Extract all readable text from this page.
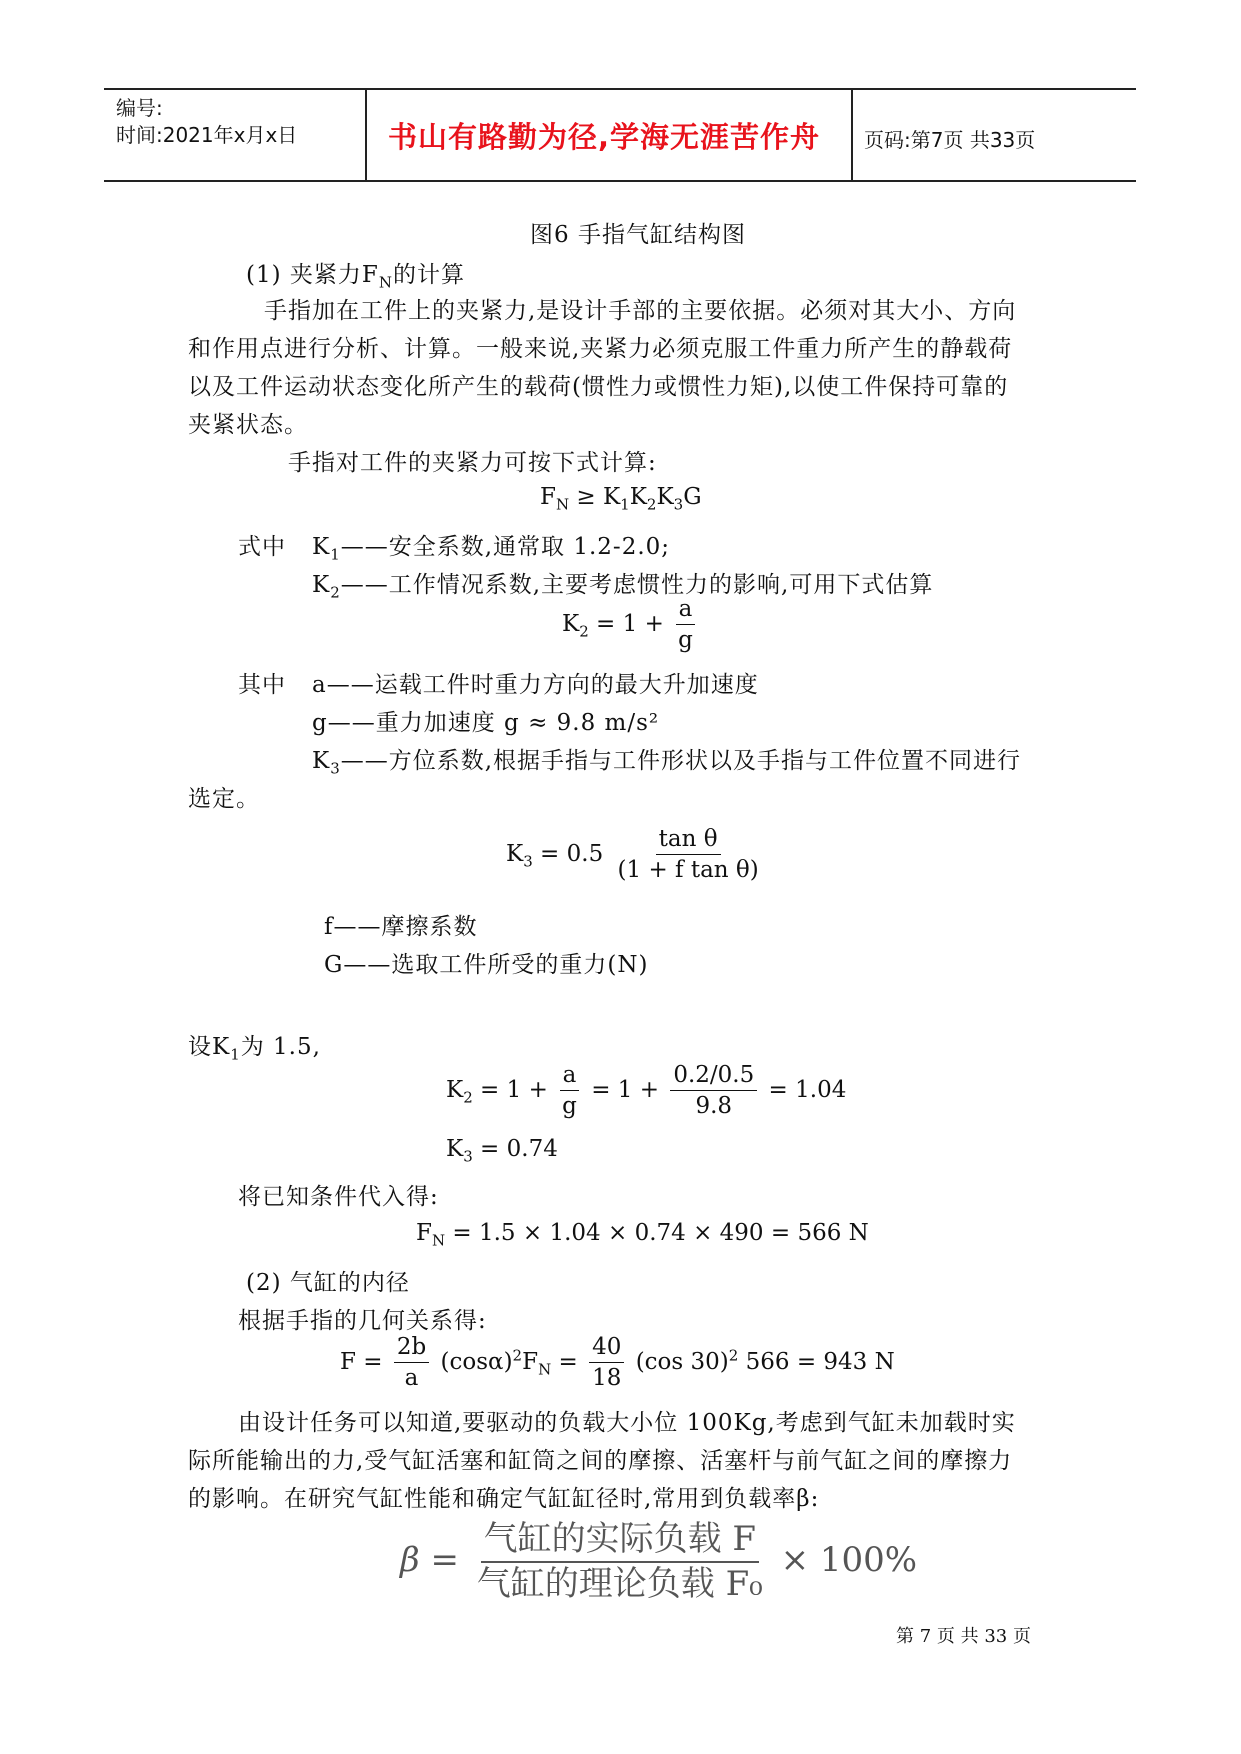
编号:
时间:2021年x月x日	书山有路勤为径,学海无涯苦作舟 页码:第7页 共33页
图6 手指气缸结构图
(1) 夹紧力$F_N$的计算
手指加在工件上的夹紧力,是设计手部的主要依据。必须对其大小、方向
和作用点进行分析、计算。一般来说,夹紧力必须克服工件重力所产生的静载荷
以及工件运动状态变化所产生的载荷(惯性力或惯性力矩),以使工件保持可靠的
夹紧状态。
手指对工件的夹紧力可按下式计算:
$F_N \ge K_1K_2K_3G$
式中 $K_1——$安全系数,通常取 1.2-2.0;
$K_2——$工作情况系数,主要考虑惯性力的影响,可用下式估算
$K_2 = 1 + \frac{a}{g}$
其中 a——运载工件时重力方向的最大升加速度
g——重力加速度 g ≈ 9.8 m/s²
$K_3——$方位系数,根据手指与工件形状以及手指与工件位置不同进行
选定。
$K_3 = 0.5 \frac{\text{tan θ}}{\text{(1 + f tan θ)}}$
f——摩擦系数
G——选取工件所受的重力(N)
设$K_1$为 1.5,
$K_2 = 1 + \frac{a}{g} = 1 + \frac{0.2/0.5}{9.8} = 1.04$
$K_3 = 0.74$
将已知条件代入得:
$F_N = 1.5 \times 1.04 \times 0.74 \times 490 = 566$ N
(2) 气缸的内径
根据手指的几何关系得:
$F = \frac{2b}{a} (\cos\alpha)^2F_N = \frac{40}{18} (\cos$ 30)$^2$ 566 = 943 N
由设计任务可以知道,要驱动的负载大小位 100Kg,考虑到气缸未加载时实
际所能输出的力,受气缸活塞和缸筒之间的摩擦、活塞杆与前气缸之间的摩擦力
的影响。在研究气缸性能和确定气缸缸径时,常用到负载率β:
$\beta = \frac{\text{气缸的实际负载 F}}{\text{气缸的理论负载 F₀}} \times 100\%$
第 7 页 共 33 页
